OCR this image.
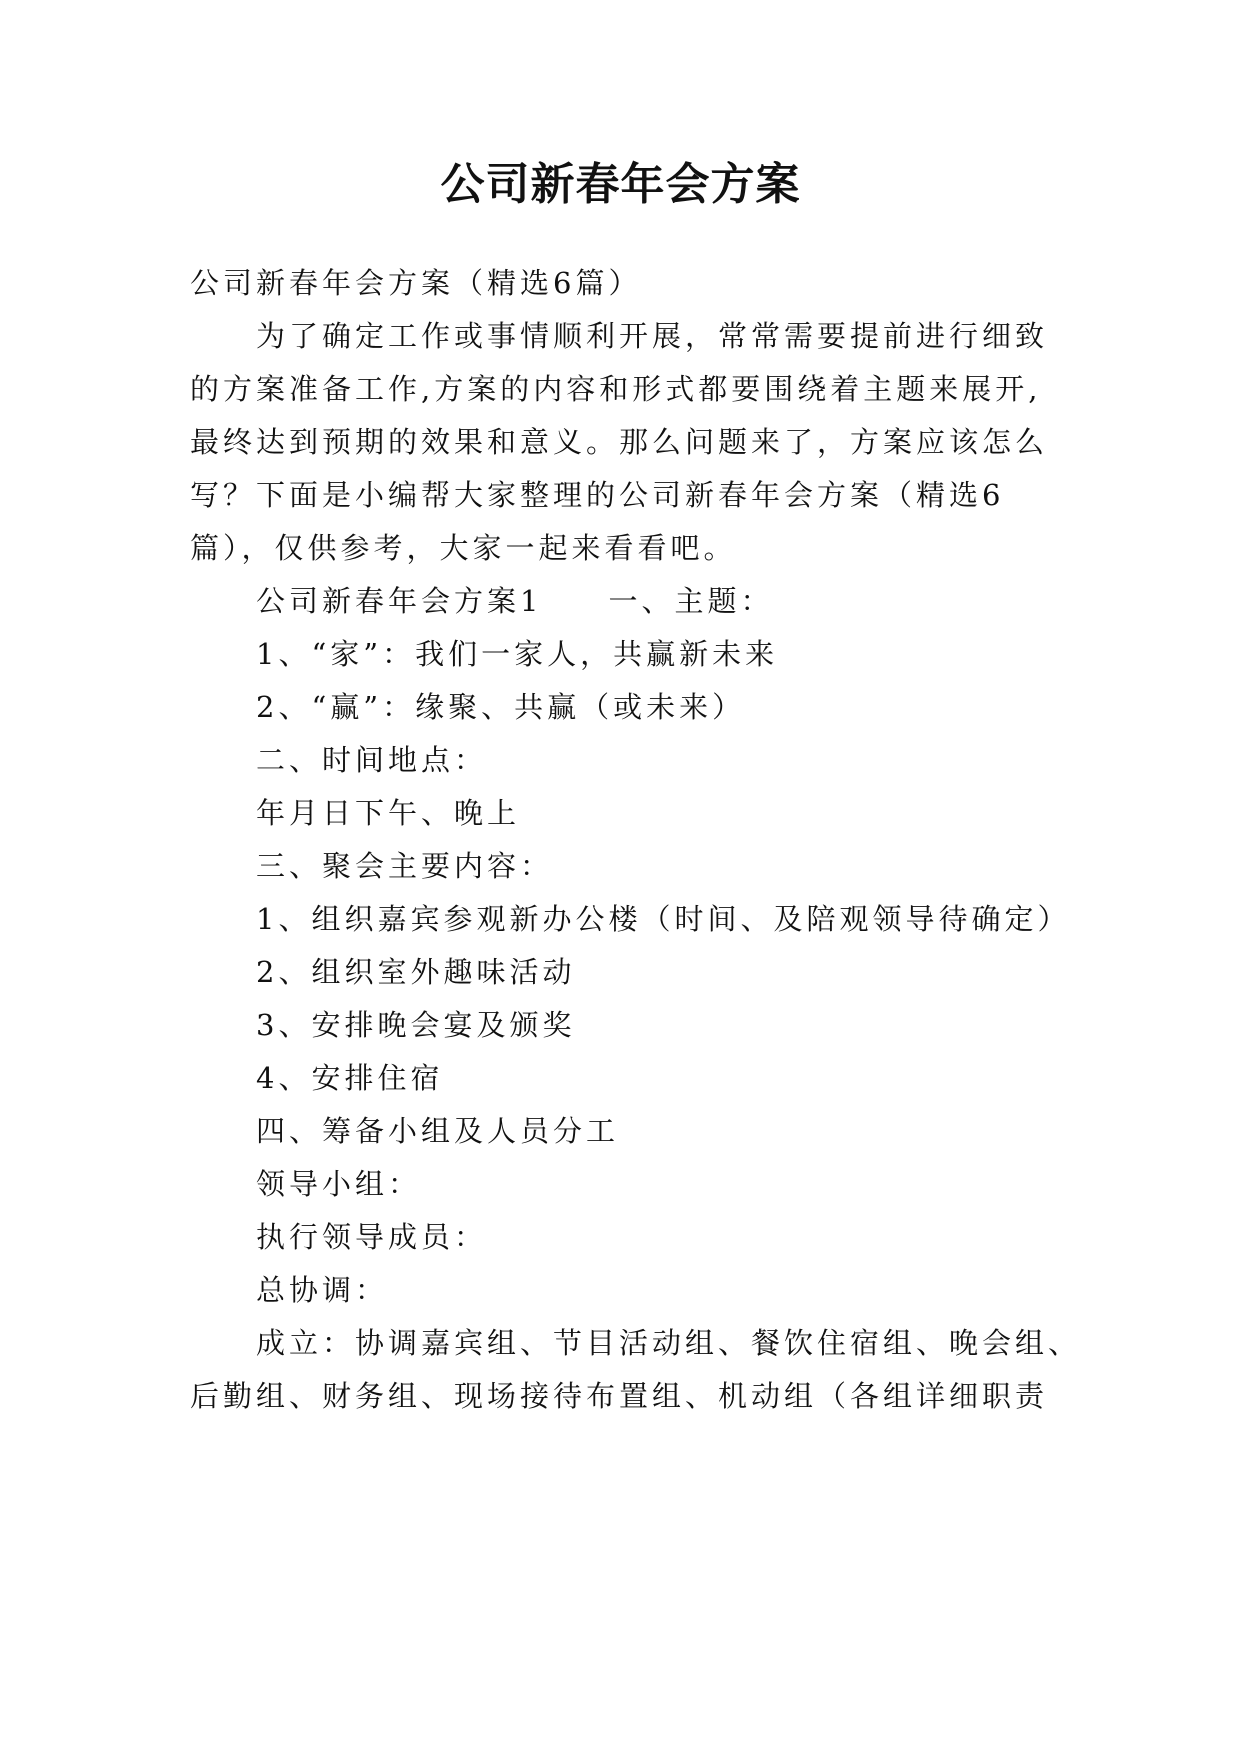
公司新春年会方案
公司新春年会方案（精选6篇）
为了确定工作或事情顺利开展，常常需要提前进行细致
的方案准备工作,方案的内容和形式都要围绕着主题来展开,
最终达到预期的效果和意义。那么问题来了，方案应该怎么
写？下面是小编帮大家整理的公司新春年会方案（精选6
篇），仅供参考，大家一起来看看吧。
公司新春年会方案1　　一、主题：
1、“家”：我们一家人，共赢新未来
2、“赢”：缘聚、共赢（或未来）
二、时间地点：
年月日下午、晚上
三、聚会主要内容：
1、组织嘉宾参观新办公楼（时间、及陪观领导待确定）
2、组织室外趣味活动
3、安排晚会宴及颁奖
4、安排住宿
四、筹备小组及人员分工
领导小组：
执行领导成员：
总协调：
成立：协调嘉宾组、节目活动组、餐饮住宿组、晚会组、
后勤组、财务组、现场接待布置组、机动组（各组详细职责
